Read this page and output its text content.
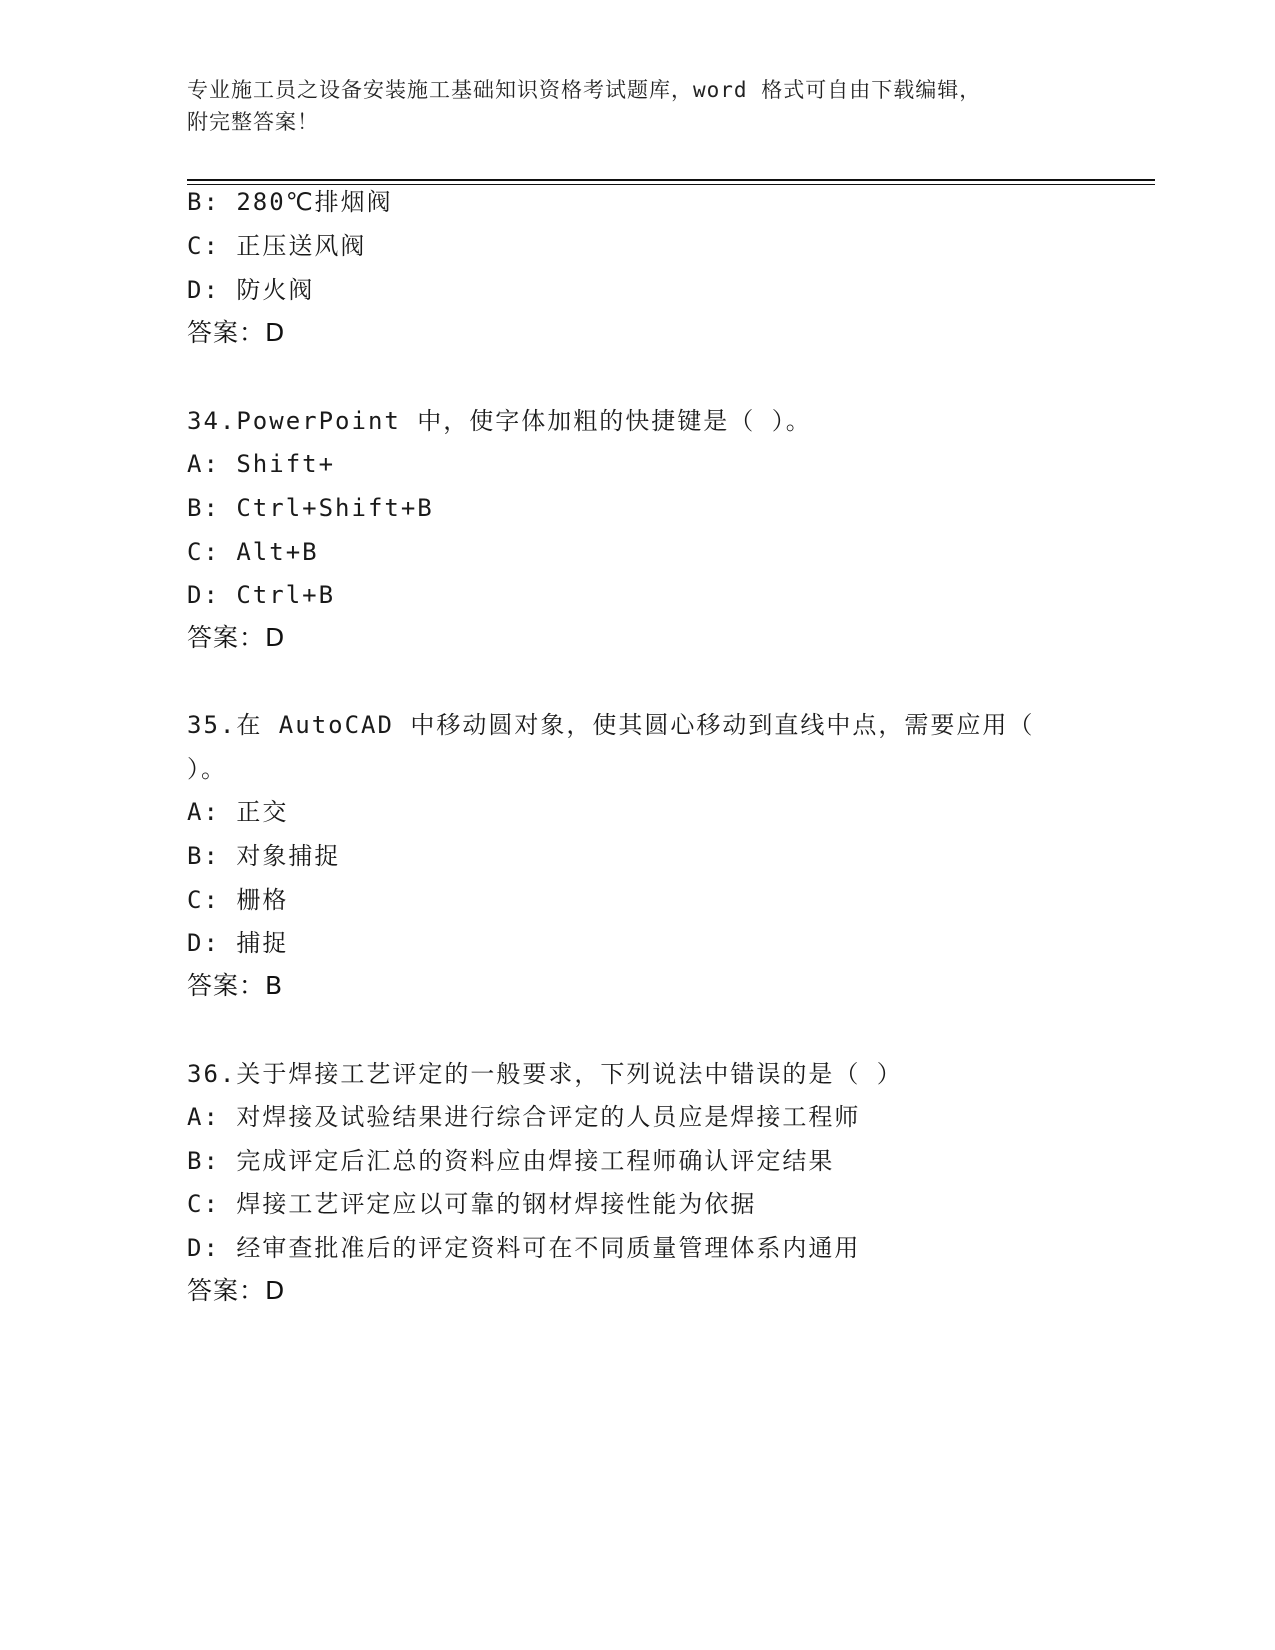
专业施工员之设备安装施工基础知识资格考试题库，word 格式可自由下载编辑，
附完整答案！
B: 280℃排烟阀
C: 正压送风阀
D: 防火阀
答案：D
34.PowerPoint 中，使字体加粗的快捷键是（ ）。
A: Shift+
B: Ctrl+Shift+B
C: Alt+B
D: Ctrl+B
答案：D
35.在 AutoCAD 中移动圆对象，使其圆心移动到直线中点，需要应用（
）。
A: 正交
B: 对象捕捉
C: 栅格
D: 捕捉
答案：B
36.关于焊接工艺评定的一般要求，下列说法中错误的是（ ）
A: 对焊接及试验结果进行综合评定的人员应是焊接工程师
B: 完成评定后汇总的资料应由焊接工程师确认评定结果
C: 焊接工艺评定应以可靠的钢材焊接性能为依据
D: 经审查批准后的评定资料可在不同质量管理体系内通用
答案：D
